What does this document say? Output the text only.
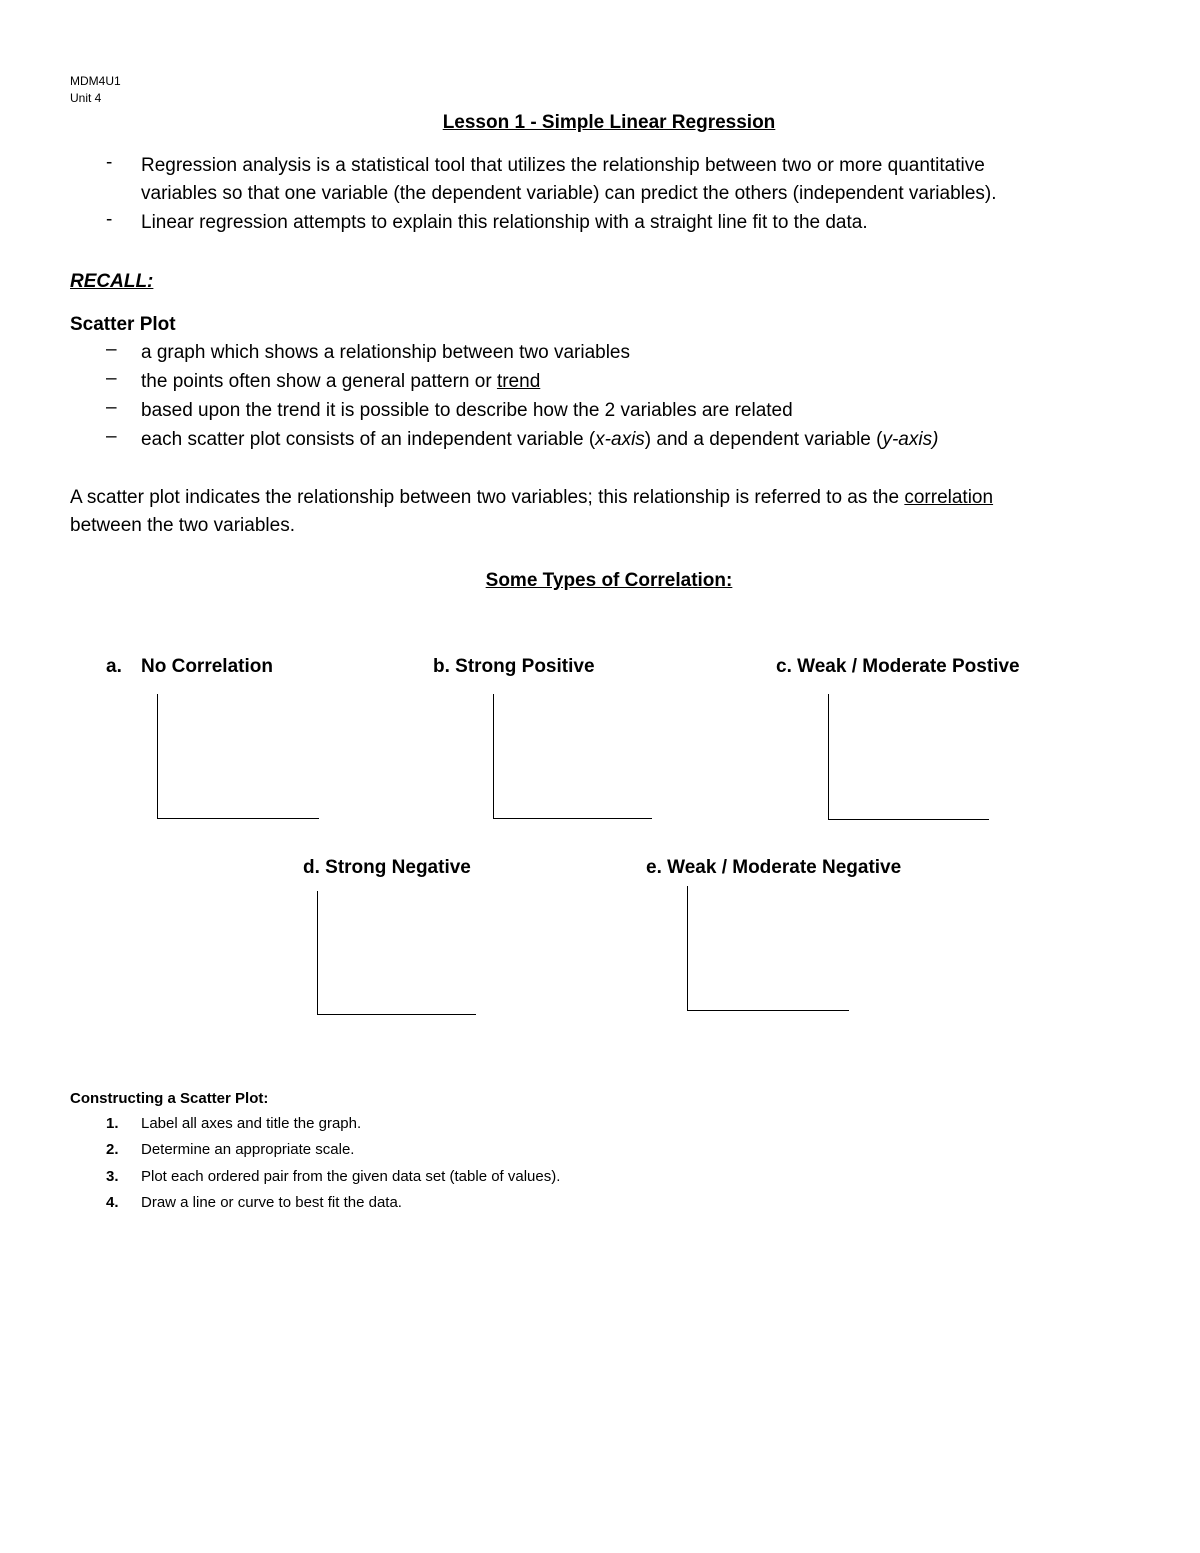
MDM4U1
Unit 4
Lesson 1 - Simple Linear Regression
- Regression analysis is a statistical tool that utilizes the relationship between two or more quantitative
variables so that one variable (the dependent variable) can predict the others (independent variables).
- Linear regression attempts to explain this relationship with a straight line fit to the data.
RECALL:
Scatter Plot
– a graph which shows a relationship between two variables
– the points often show a general pattern or trend
– based upon the trend it is possible to describe how the 2 variables are related
– each scatter plot consists of an independent variable (x-axis) and a dependent variable (y-axis)
A scatter plot indicates the relationship between two variables; this relationship is referred to as the correlation
between the two variables.
Some Types of Correlation:
a. No Correlation	b. Strong Positive	c. Weak / Moderate Postive
d. Strong Negative	e. Weak / Moderate Negative
Constructing a Scatter Plot:
1. Label all axes and title the graph.
2. Determine an appropriate scale.
3. Plot each ordered pair from the given data set (table of values).
4. Draw a line or curve to best fit the data.
